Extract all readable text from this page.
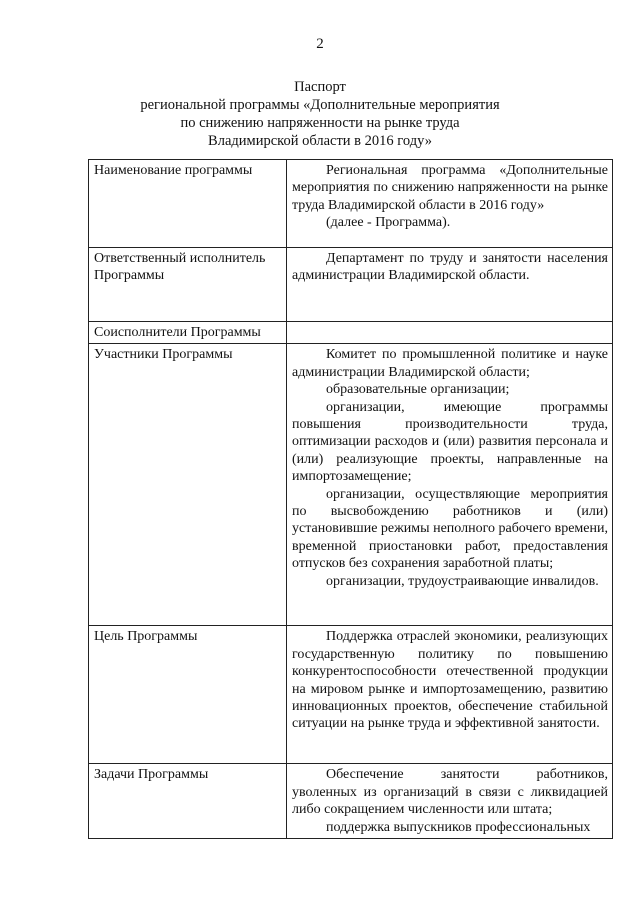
2
Паспорт
региональной программы «Дополнительные мероприятия
по снижению напряженности на рынке труда
Владимирской области в 2016 году»
Наименование программы	Региональная программа «Дополнительные мероприятия по снижению напряженности на рынке труда Владимирской области в 2016 году»
(далее - Программа).

Ответственный исполнитель Программы	Департамент по труду и занятости населения администрации Владимирской области.

Соисполнители Программы	
Участники Программы	Комитет по промышленной политике и науке администрации Владимирской области;
образовательные организации;
организации, имеющие программы повышения производительности труда, оптимизации расходов и (или) развития персонала и (или) реализующие проекты, направленные на импортозамещение;
организации, осуществляющие мероприятия по высвобождению работников и (или) установившие режимы неполного рабочего времени, временной приостановки работ, предоставления отпусков без сохранения заработной платы;
организации, трудоустраивающие инвалидов.

Цель Программы	Поддержка отраслей экономики, реализующих государственную политику по повышению конкурентоспособности отечественной продукции на мировом рынке и импортозамещению, развитию инновационных проектов, обеспечение стабильной ситуации на рынке труда и эффективной занятости.

Задачи Программы	Обеспечение занятости работников, уволенных из организаций в связи с ликвидацией либо сокращением численности или штата;
поддержка выпускников профессиональных
